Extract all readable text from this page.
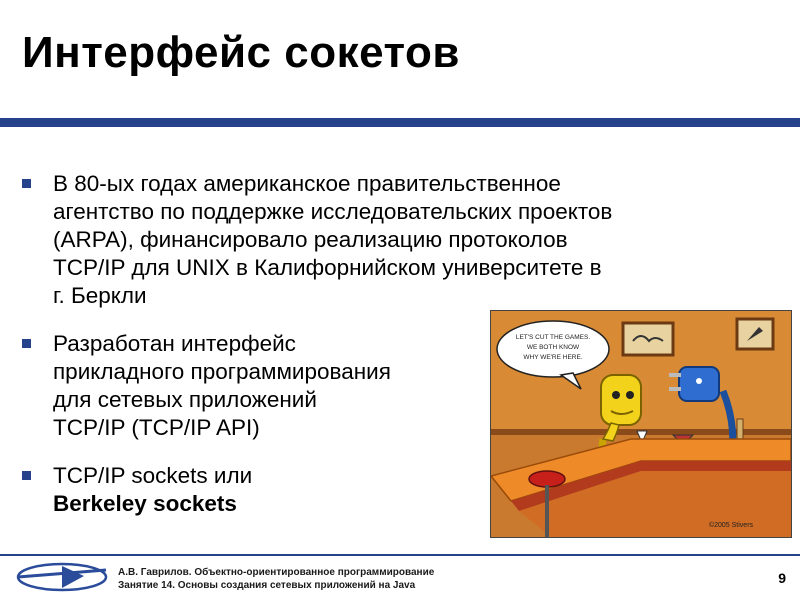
Интерфейс сокетов
В 80-ых годах американское правительственное
агентство по поддержке исследовательских проектов
(ARPA), финансировало реализацию протоколов
TCP/IP для UNIX в Калифорнийском университете в
г. Беркли
Разработан интерфейс
прикладного программирования
для сетевых приложений
TCP/IP (TCP/IP API)
TCP/IP sockets или
Berkeley sockets
LET'S CUT THE GAMES.
WE BOTH KNOW
WHY WE'RE HERE.
©2005 Stivers
А.В. Гаврилов. Объектно-ориентированное программирование
Занятие 14. Основы создания сетевых приложений на Java	9
